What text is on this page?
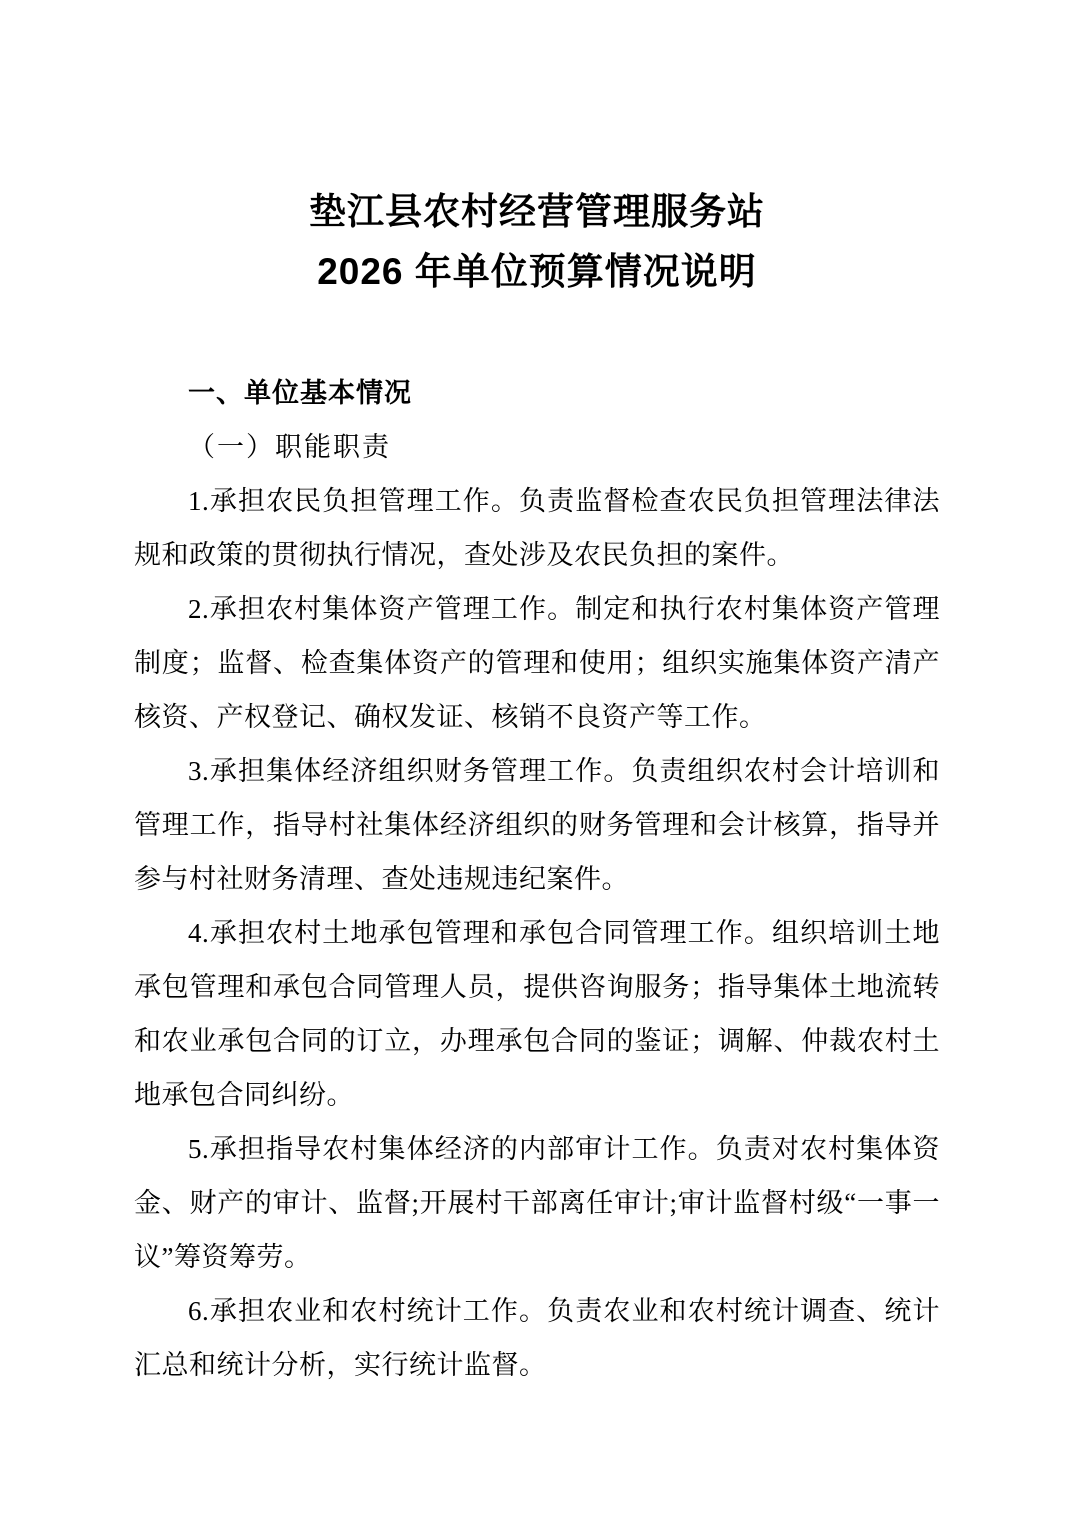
垫江县农村经营管理服务站
2026 年单位预算情况说明
一、单位基本情况
（一）职能职责

1.承担农民负担管理工作。负责监督检查农民负担管理法律法规和政策的贯彻执行情况，查处涉及农民负担的案件。

2.承担农村集体资产管理工作。制定和执行农村集体资产管理制度；监督、检查集体资产的管理和使用；组织实施集体资产清产核资、产权登记、确权发证、核销不良资产等工作。

3.承担集体经济组织财务管理工作。负责组织农村会计培训和管理工作，指导村社集体经济组织的财务管理和会计核算，指导并参与村社财务清理、查处违规违纪案件。

4.承担农村土地承包管理和承包合同管理工作。组织培训土地承包管理和承包合同管理人员，提供咨询服务；指导集体土地流转和农业承包合同的订立，办理承包合同的鉴证；调解、仲裁农村土地承包合同纠纷。

5.承担指导农村集体经济的内部审计工作。负责对农村集体资金、财产的审计、监督;开展村干部离任审计;审计监督村级“一事一议”筹资筹劳。

6.承担农业和农村统计工作。负责农业和农村统计调查、统计汇总和统计分析，实行统计监督。
